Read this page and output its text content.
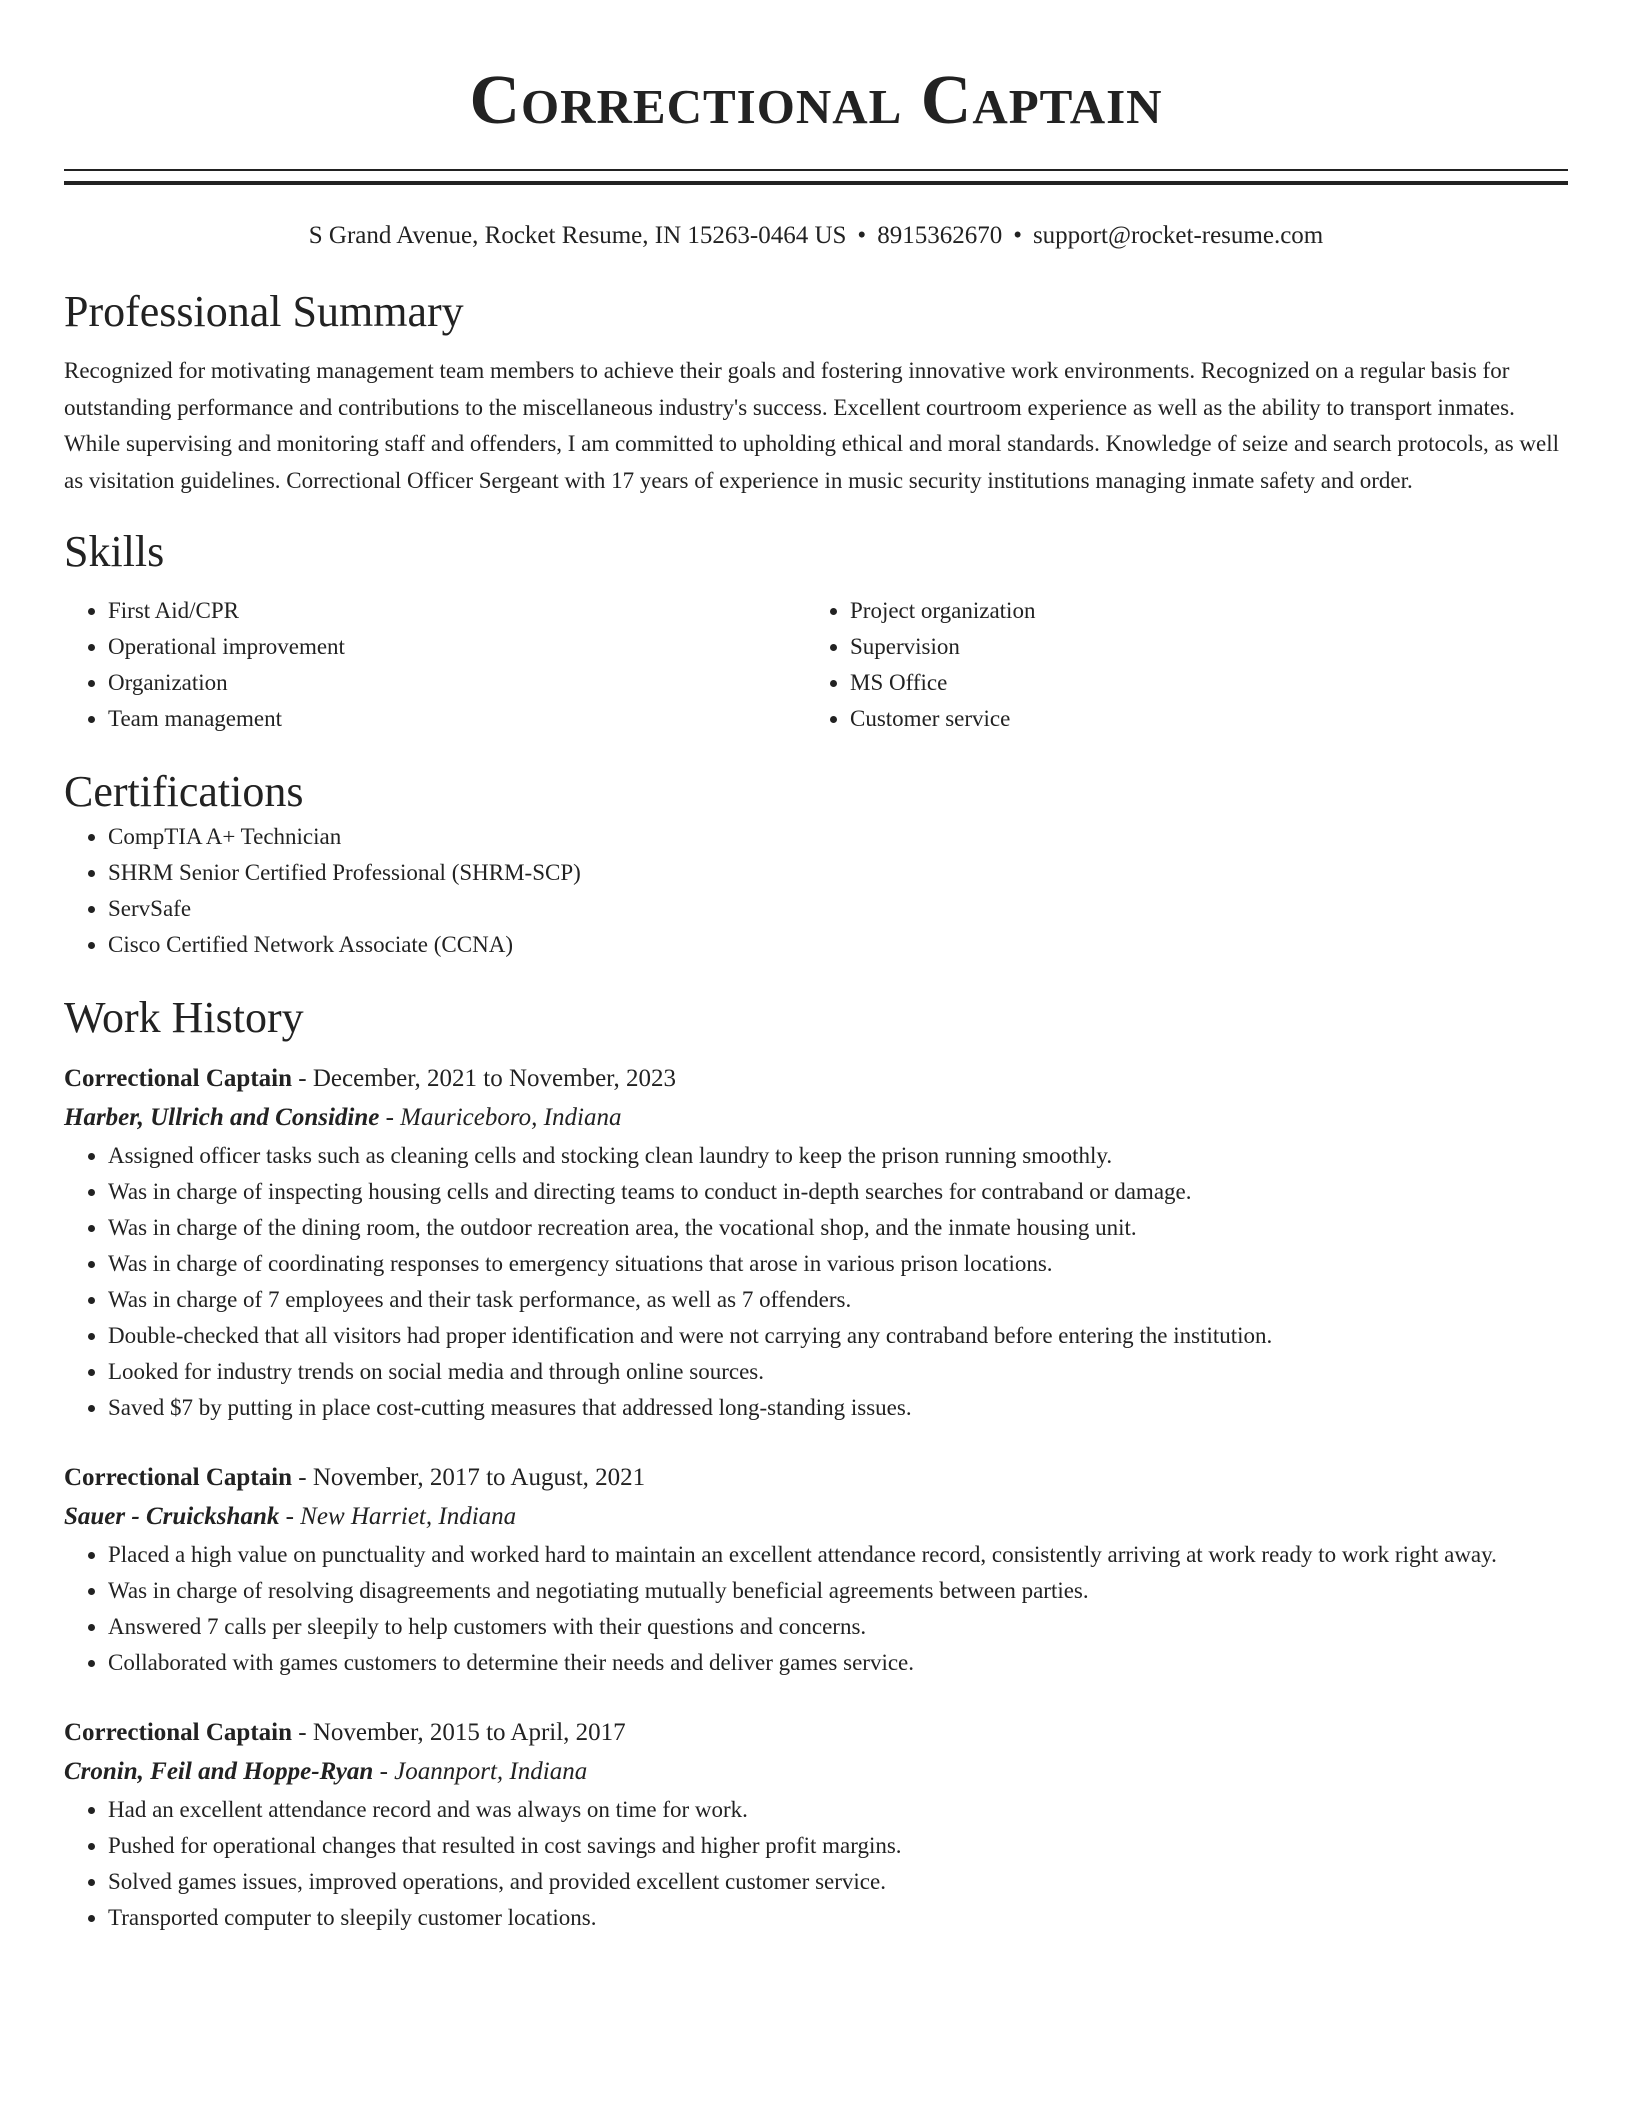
Correctional Captain
S Grand Avenue, Rocket Resume, IN 15263-0464 US • 8915362670 • support@rocket-resume.com
Professional Summary

Recognized for motivating management team members to achieve their goals and fostering innovative work environments. Recognized on a regular basis for outstanding performance and contributions to the miscellaneous industry's success. Excellent courtroom experience as well as the ability to transport inmates. While supervising and monitoring staff and offenders, I am committed to upholding ethical and moral standards. Knowledge of seize and search protocols, as well as visitation guidelines. Correctional Officer Sergeant with 17 years of experience in music security institutions managing inmate safety and order.

Skills
• First Aid/CPR
• Operational improvement
• Organization
• Team management
• Project organization
• Supervision
• MS Office
• Customer service
Certifications
• CompTIA A+ Technician
• SHRM Senior Certified Professional (SHRM-SCP)
• ServSafe
• Cisco Certified Network Associate (CCNA)
Work History
Correctional Captain - December, 2021 to November, 2023
Harber, Ullrich and Considine - Mauriceboro, Indiana
• Assigned officer tasks such as cleaning cells and stocking clean laundry to keep the prison running smoothly.
• Was in charge of inspecting housing cells and directing teams to conduct in-depth searches for contraband or damage.
• Was in charge of the dining room, the outdoor recreation area, the vocational shop, and the inmate housing unit.
• Was in charge of coordinating responses to emergency situations that arose in various prison locations.
• Was in charge of 7 employees and their task performance, as well as 7 offenders.
• Double-checked that all visitors had proper identification and were not carrying any contraband before entering the institution.
• Looked for industry trends on social media and through online sources.
• Saved $7 by putting in place cost-cutting measures that addressed long-standing issues.
Correctional Captain - November, 2017 to August, 2021
Sauer - Cruickshank - New Harriet, Indiana
• Placed a high value on punctuality and worked hard to maintain an excellent attendance record, consistently arriving at work ready to work right away.
• Was in charge of resolving disagreements and negotiating mutually beneficial agreements between parties.
• Answered 7 calls per sleepily to help customers with their questions and concerns.
• Collaborated with games customers to determine their needs and deliver games service.
Correctional Captain - November, 2015 to April, 2017
Cronin, Feil and Hoppe-Ryan - Joannport, Indiana
• Had an excellent attendance record and was always on time for work.
• Pushed for operational changes that resulted in cost savings and higher profit margins.
• Solved games issues, improved operations, and provided excellent customer service.
• Transported computer to sleepily customer locations.
